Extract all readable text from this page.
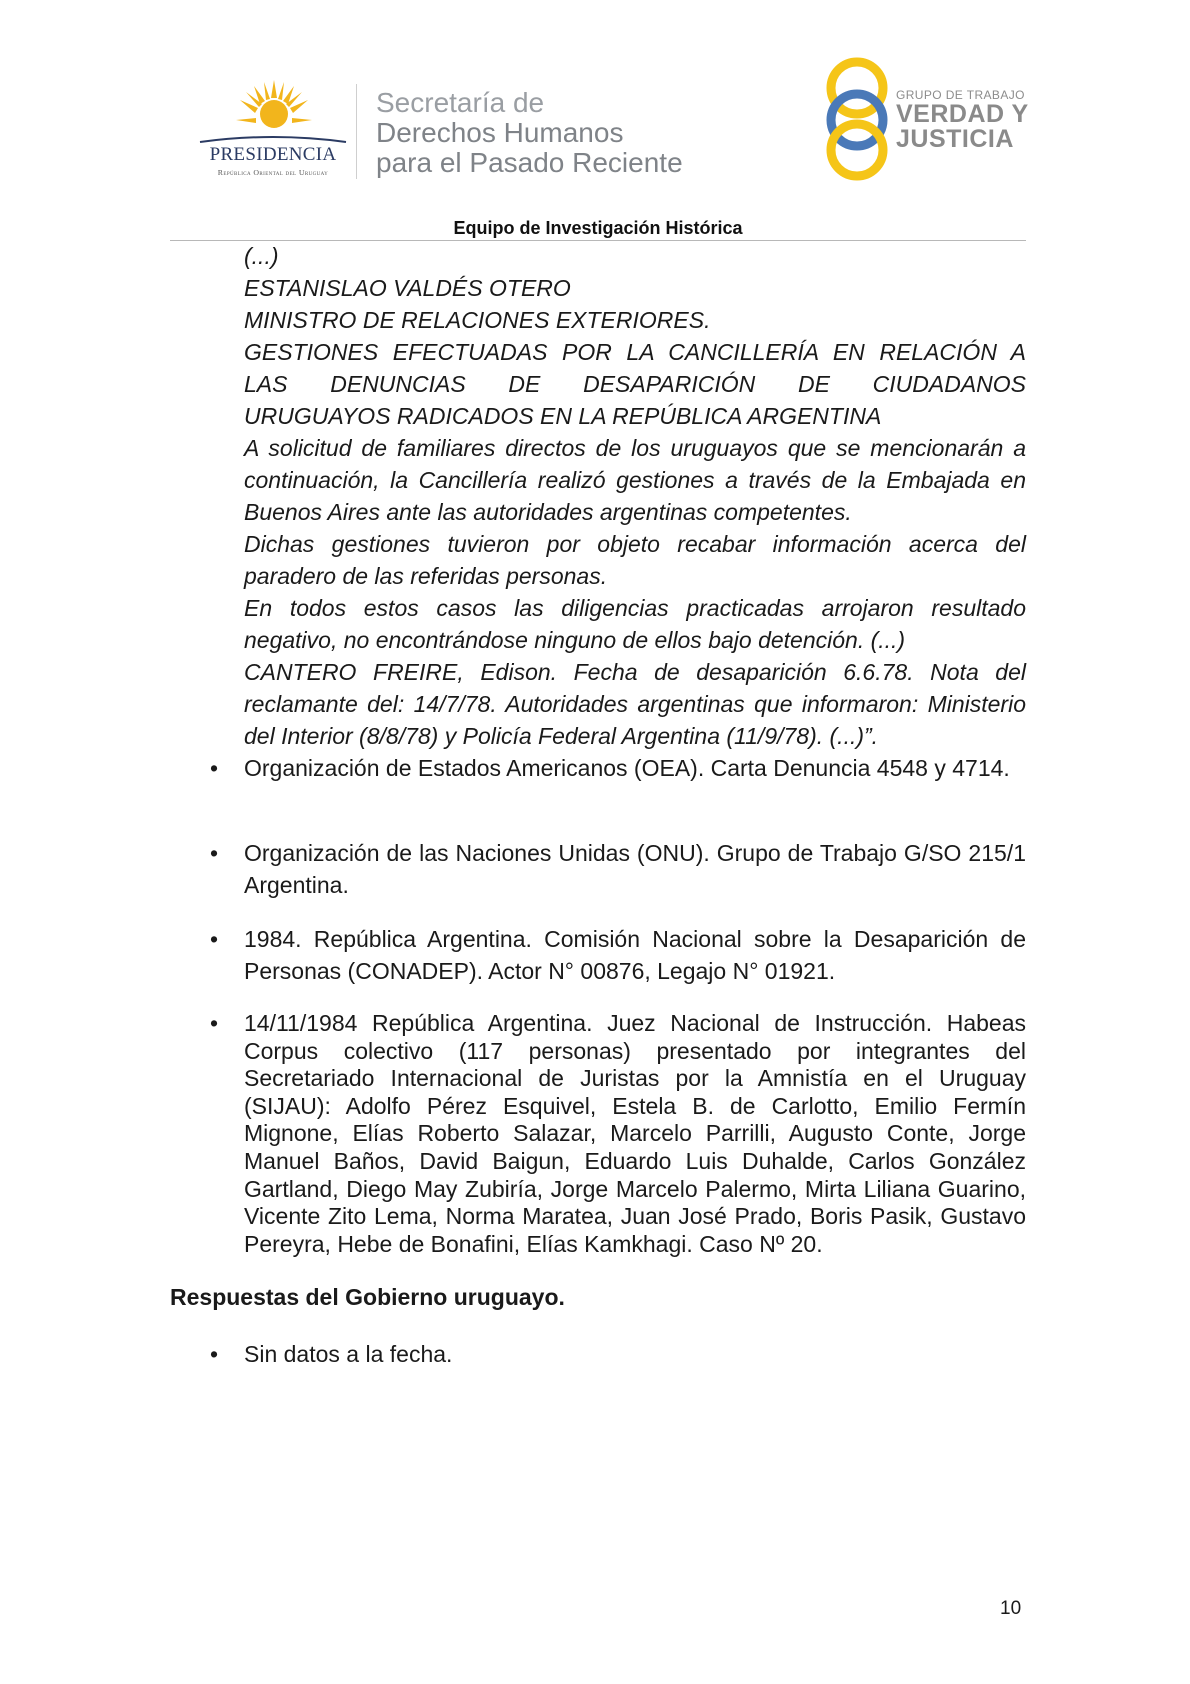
PRESIDENCIA
República Oriental del Uruguay
Secretaría de
Derechos Humanos
para el Pasado Reciente
GRUPO DE TRABAJO
VERDAD Y
JUSTICIA
Equipo de Investigación Histórica

(...)

ESTANISLAO VALDÉS OTERO

MINISTRO DE RELACIONES EXTERIORES.

GESTIONES EFECTUADAS POR LA CANCILLERÍA EN RELACIÓN A

LAS DENUNCIAS DE DESAPARICIÓN DE CIUDADANOS

URUGUAYOS RADICADOS EN LA REPÚBLICA ARGENTINA

A solicitud de familiares directos de los uruguayos que se mencionarán a continuación, la Cancillería realizó gestiones a través de la Embajada en Buenos Aires ante las autoridades argentinas competentes.

Dichas gestiones tuvieron por objeto recabar información acerca del paradero de las referidas personas.

En todos estos casos las diligencias practicadas arrojaron resultado negativo, no encontrándose ninguno de ellos bajo detención. (...)

CANTERO FREIRE, Edison. Fecha de desaparición 6.6.78. Nota del reclamante del: 14/7/78. Autoridades argentinas que informaron: Ministerio del Interior (8/8/78) y Policía Federal Argentina (11/9/78). (...)”.

•	Organización de Estados Americanos (OEA). Carta Denuncia 4548 y 4714.
•	Organización de las Naciones Unidas (ONU). Grupo de Trabajo G/SO 215/1 Argentina.
•	1984. República Argentina. Comisión Nacional sobre la Desaparición de Personas (CONADEP). Actor N° 00876, Legajo N° 01921.
•	14/11/1984 República Argentina. Juez Nacional de Instrucción. Habeas Corpus colectivo (117 personas) presentado por integrantes del Secretariado Internacional de Juristas por la Amnistía en el Uruguay (SIJAU): Adolfo Pérez Esquivel, Estela B. de Carlotto, Emilio Fermín Mignone, Elías Roberto Salazar, Marcelo Parrilli, Augusto Conte, Jorge Manuel Baños, David Baigun, Eduardo Luis Duhalde, Carlos González Gartland, Diego May Zubiría, Jorge Marcelo Palermo, Mirta Liliana Guarino, Vicente Zito Lema, Norma Maratea, Juan José Prado, Boris Pasik, Gustavo Pereyra, Hebe de Bonafini, Elías Kamkhagi. Caso Nº 20.
Respuestas del Gobierno uruguayo.
•	Sin datos a la fecha.
10
